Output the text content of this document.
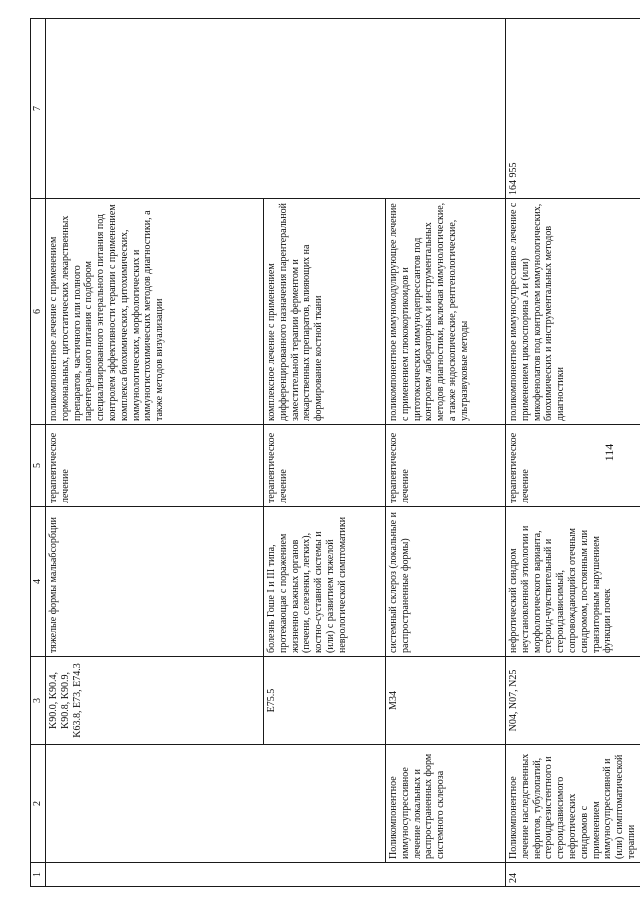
1	2	3	4	5	6	7
		K90.0, K90.4, K90.8, K90.9, K63.8, E73, E74.3	тяжелые формы мальабсорбции	терапевтическое лечение	поликомпонентное лечение с применением гормональных, цитостатических лекарственных препаратов, частичного или полного парентерального питания с подбором специализированного энтерального питания под контролем эффективности терапии с применением комплекса биохимических, цитохимических, иммунологических, морфологических и иммуногистохимических методов диагностики, а также методов визуализации	
		E75.5	болезнь Гоше I и III типа, протекающая с поражением жизненно важных органов (печени, селезенки, легких), костно-суставной системы и (или) с развитием тяжелой неврологической симптоматики	терапевтическое лечение	комплексное лечение с применением дифференцированного назначения парентеральной заместительной терапии ферментом и лекарственных препаратов, влияющих на формирование костной ткани	
	Поликомпонентное иммуносупрессивное лечение локальных и распространенных форм системного склероза	M34	системный склероз (локальные и распространенные формы)	терапевтическое лечение	поликомпонентное иммуномодулирующее лечение с применением глюкокортикоидов и цитотоксических иммунодепрессантов под контролем лабораторных и инструментальных методов диагностики, включая иммунологические, а также эндоскопические, рентгенологические, ультразвуковые методы	
24	Поликомпонентное лечение наследственных нефритов, тубулопатий, стероидрезистентного и стероидзависимого нефротических синдромов с применением иммуносупрессивной и (или) симптоматической терапии	N04, N07, N25	нефротический синдром неустановленной этиологии и морфологического варианта, стероид-чувствительный и стероидзависимый, сопровождающийся отечным синдромом, постоянным или транзиторным нарушением функции почек	терапевтическое лечение	поликомпонентное иммуносупрессивное лечение с применением циклоспорина A и (или) микофенолатов под контролем иммунологических, биохимических и инструментальных методов диагностики	164 955
114
